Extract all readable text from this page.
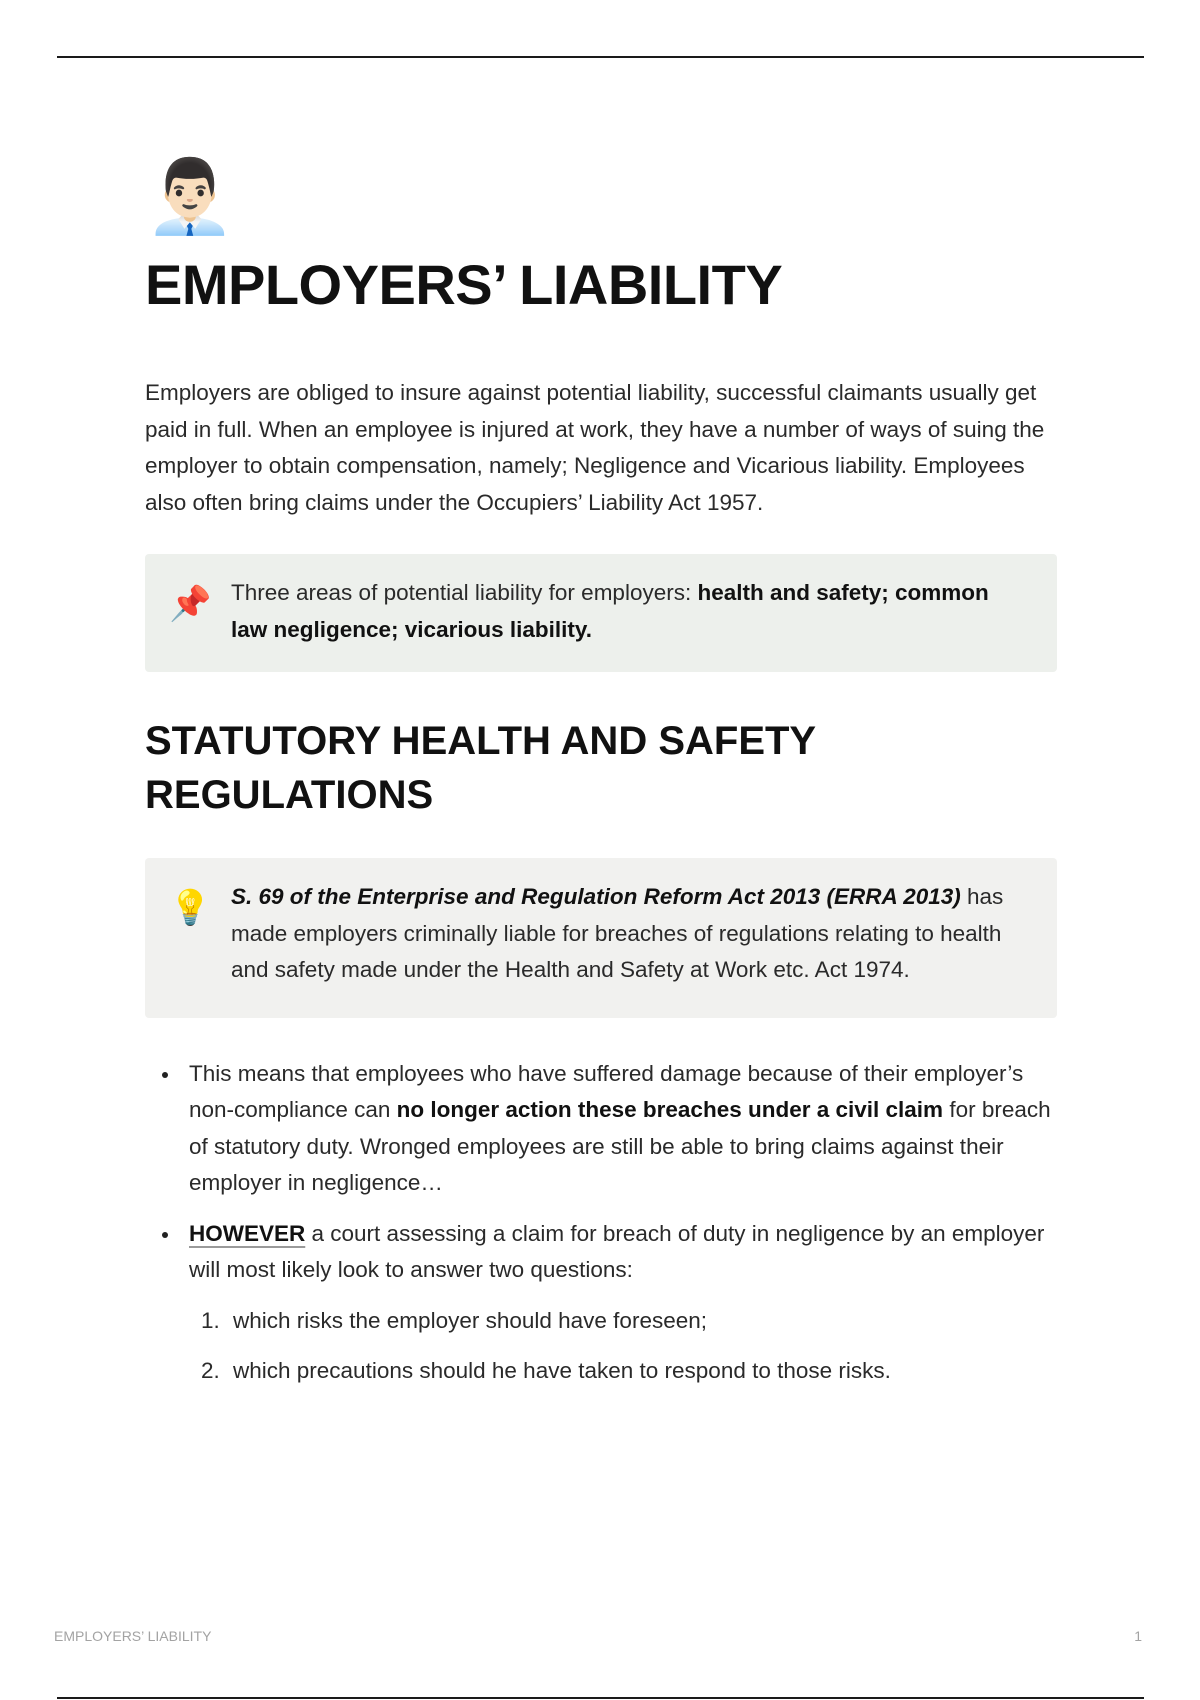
👨🏻‍💼
EMPLOYERS’ LIABILITY

Employers are obliged to insure against potential liability, successful claimants usually get paid in full. When an employee is injured at work, they have a number of ways of suing the employer to obtain compensation, namely; Negligence and Vicarious liability. Employees also often bring claims under the Occupiers’ Liability Act 1957.

📌 Three areas of potential liability for employers: health and safety; common law negligence; vicarious liability.
STATUTORY HEALTH AND SAFETY REGULATIONS
💡 S. 69 of the Enterprise and Regulation Reform Act 2013 (ERRA 2013) has made employers criminally liable for breaches of regulations relating to health and safety made under the Health and Safety at Work etc. Act 1974.
This means that employees who have suffered damage because of their employer’s non-compliance can no longer action these breaches under a civil claim for breach of statutory duty. Wronged employees are still be able to bring claims against their employer in negligence…
HOWEVER a court assessing a claim for breach of duty in negligence by an employer will most likely look to answer two questions:
1. which risks the employer should have foreseen;
2. which precautions should he have taken to respond to those risks.
EMPLOYERS’ LIABILITY	1
